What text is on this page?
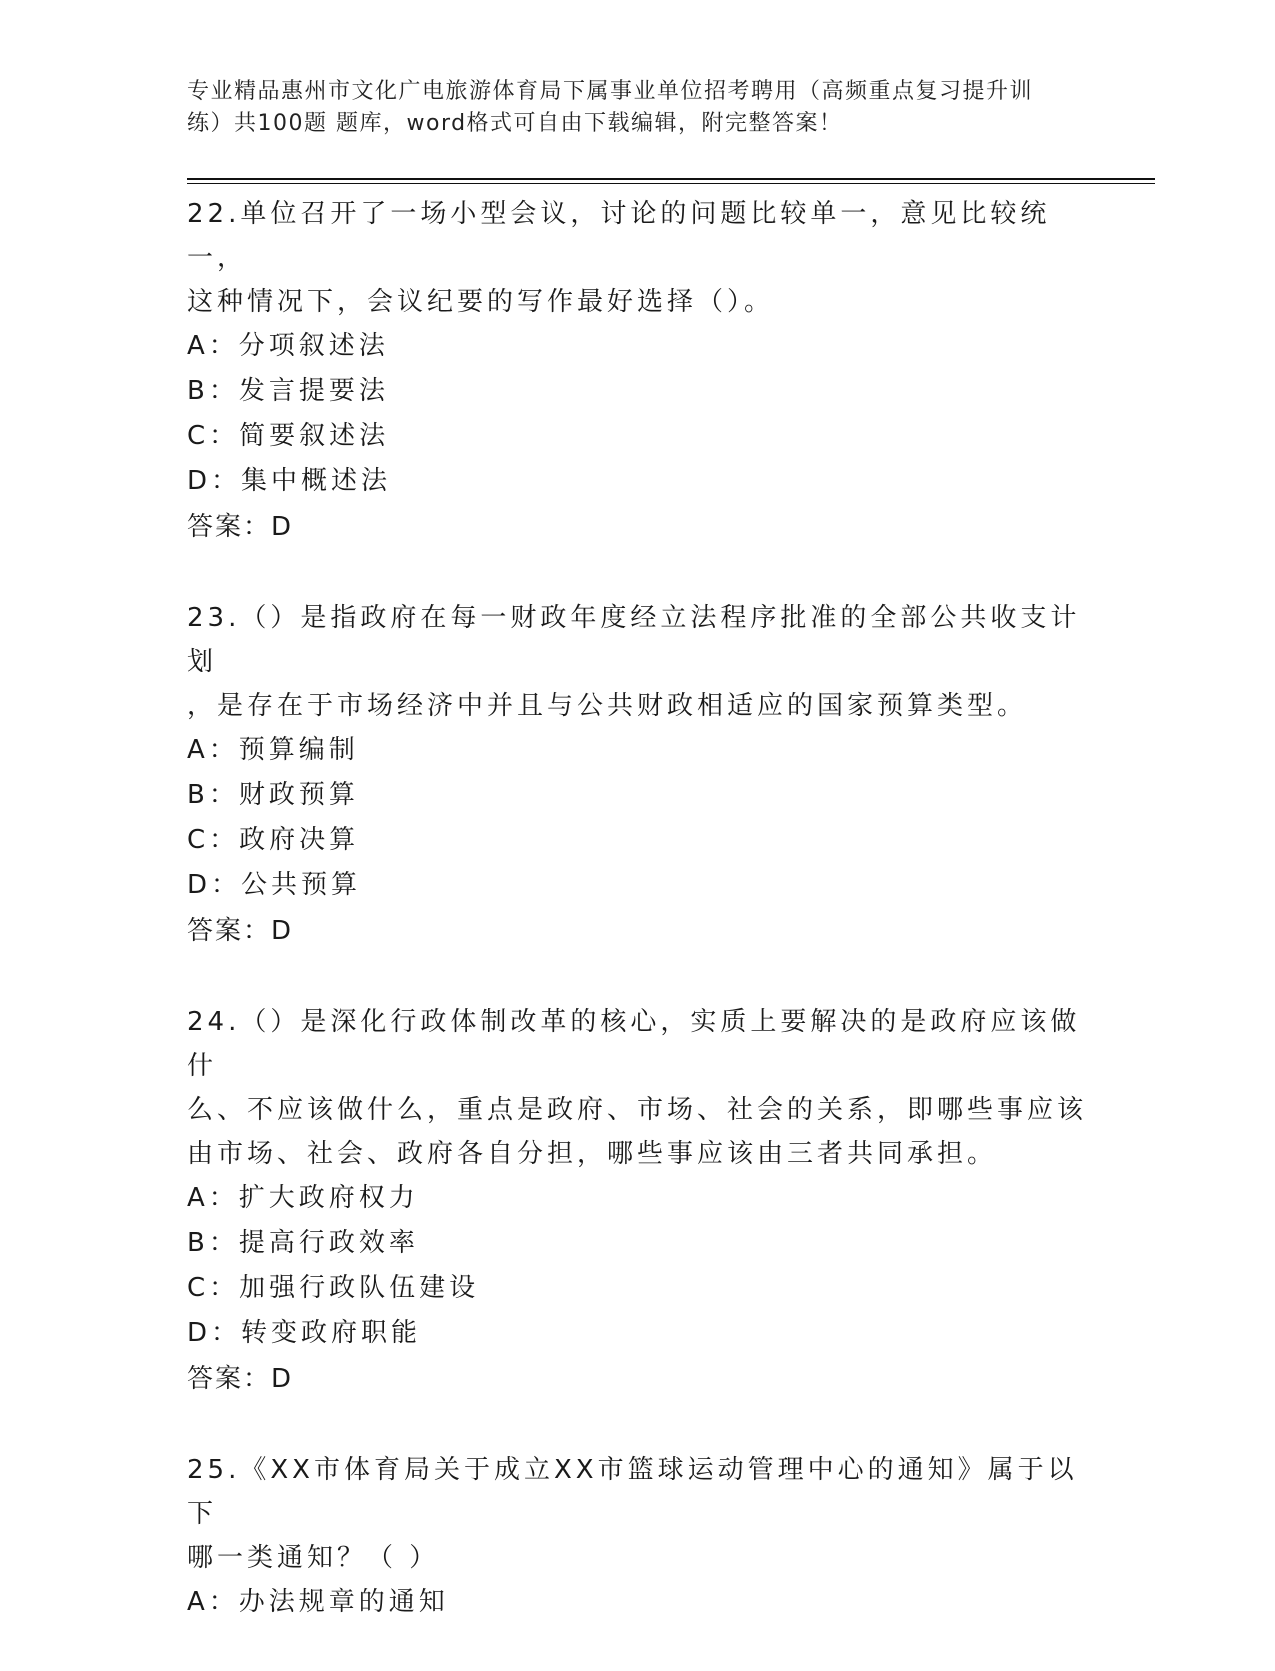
专业精品惠州市文化广电旅游体育局下属事业单位招考聘用（高频重点复习提升训
练）共100题 题库，word格式可自由下载编辑，附完整答案！

22.单位召开了一场小型会议，讨论的问题比较单一，意见比较统一，

这种情况下，会议纪要的写作最好选择（）。

A：分项叙述法

B：发言提要法

C：简要叙述法

D：集中概述法

答案：D

23.（）是指政府在每一财政年度经立法程序批准的全部公共收支计划

，是存在于市场经济中并且与公共财政相适应的国家预算类型。

A：预算编制

B：财政预算

C：政府决算

D：公共预算

答案：D

24.（）是深化行政体制改革的核心，实质上要解决的是政府应该做什

么、不应该做什么，重点是政府、市场、社会的关系，即哪些事应该

由市场、社会、政府各自分担，哪些事应该由三者共同承担。

A：扩大政府权力

B：提高行政效率

C：加强行政队伍建设

D：转变政府职能

答案：D

25.《XX市体育局关于成立XX市篮球运动管理中心的通知》属于以下

哪一类通知？（ ）

A：办法规章的通知
